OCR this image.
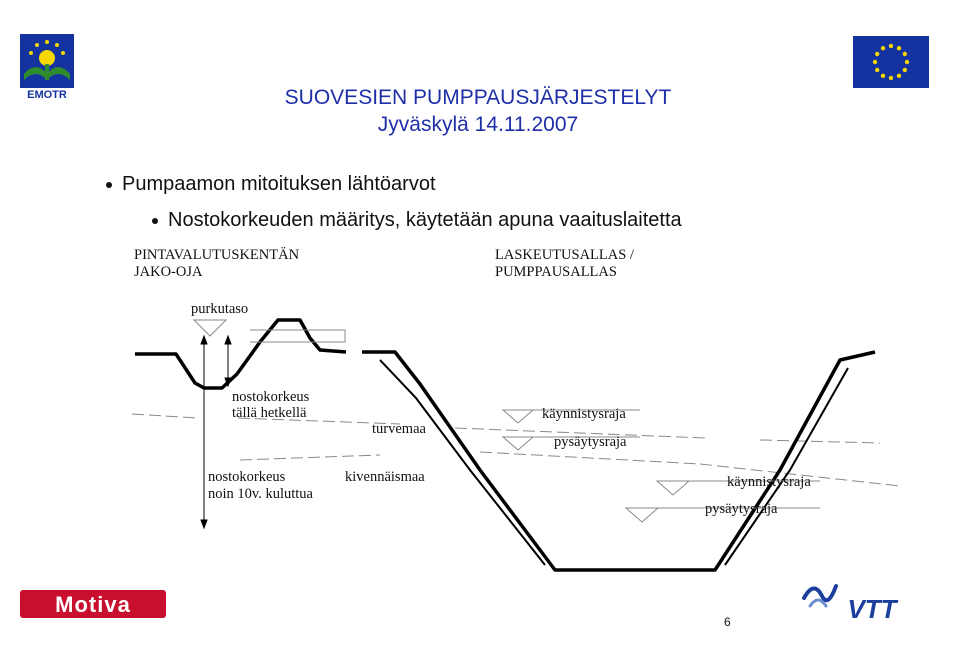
EMOTR	SUOVESIEN PUMPPAUSJÄRJESTELYT
Jyväskylä 14.11.2007
Pumpaamon mitoituksen lähtöarvot
Nostokorkeuden määritys, käytetään apuna vaaituslaitetta
PINTAVALUTUSKENTÄN
JAKO-OJA
LASKEUTUSALLAS /
PUMPPAUSALLAS
purkutaso
nostokorkeus
tällä hetkellä
turvemaa
käynnistysraja
pysäytysraja
nostokorkeus
noin 10v. kuluttua
kivennäismaa	käynnistysraja
pysäytysraja
Motiva	VTT
6
